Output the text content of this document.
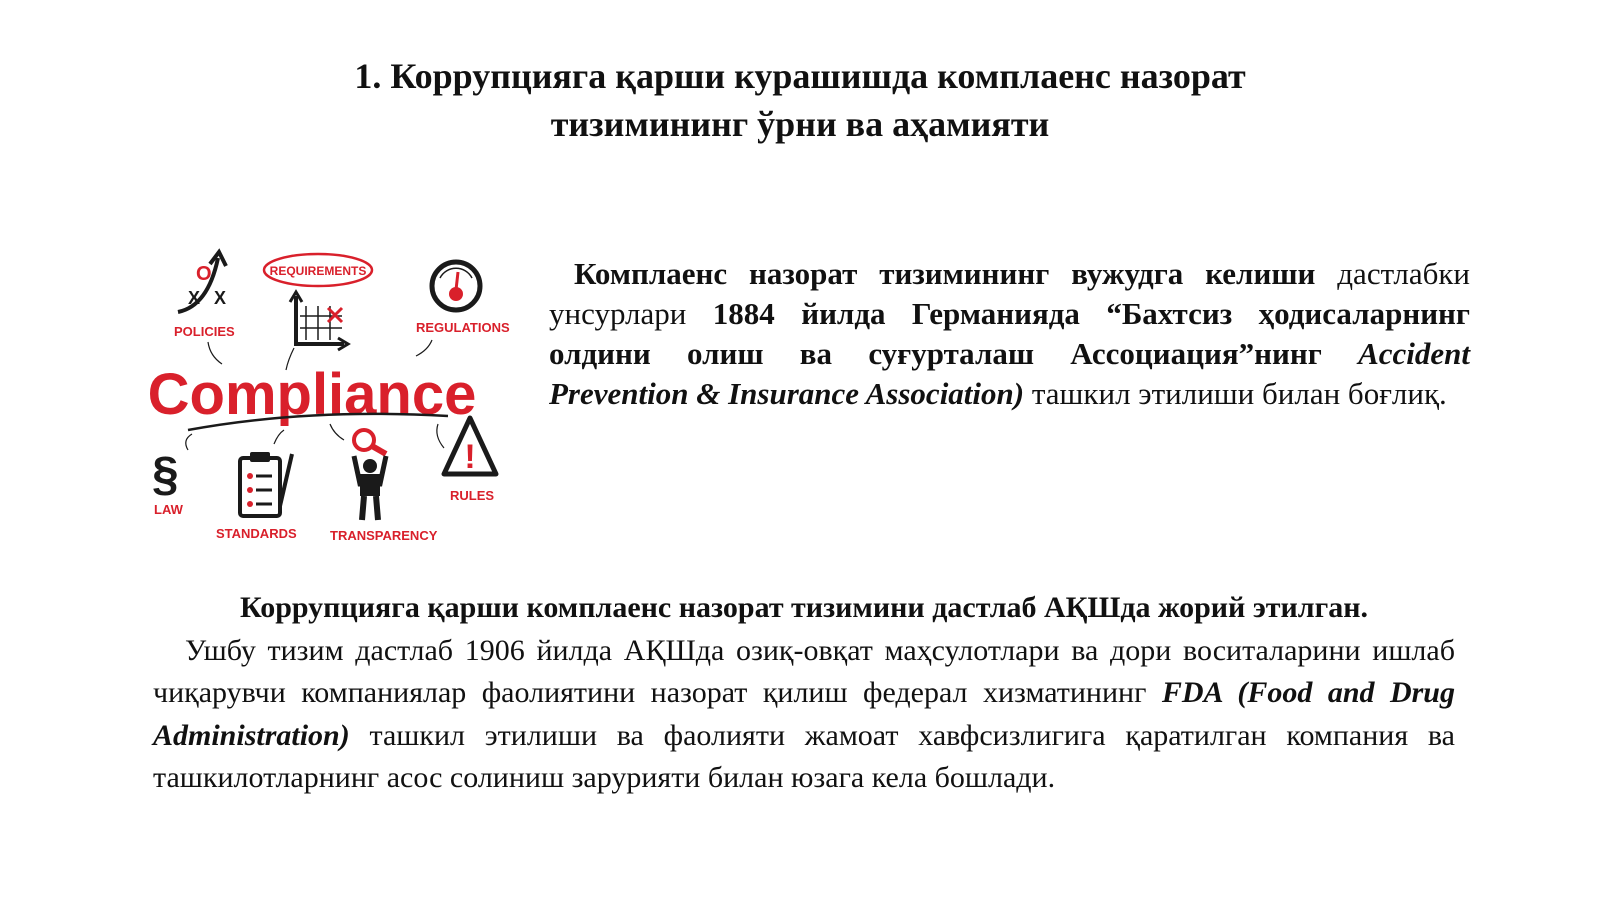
1. Коррупцияга қарши курашишда комплаенс назорат
тизимининг ўрни ва аҳамияти
O
X X
POLICIES
REQUIREMENTS
REGULATIONS
Compliance
§
LAW
STANDARDS	TRANSPARENCY
!
RULES
Комплаенс назорат тизимининг вужудга келиши дастлабки унсурлари 1884 йилда Германияда “Бахтсиз ҳодисаларнинг олдини олиш ва суғурталаш Ассоциация”нинг Accident Prevention & Insurance Association) ташкил этилиши билан боғлиқ.
Коррупцияга қарши комплаенс назорат тизимини дастлаб АҚШда жорий этилган.
Ушбу тизим дастлаб 1906 йилда АҚШда озиқ-овқат маҳсулотлари ва дори воситаларини ишлаб чиқарувчи компаниялар фаолиятини назорат қилиш федерал хизматининг FDA (Food and Drug Administration) ташкил этилиши ва фаолияти жамоат хавфсизлигига қаратилган компания ва ташкилотларнинг асос солиниш зарурияти билан юзага кела бошлади.
